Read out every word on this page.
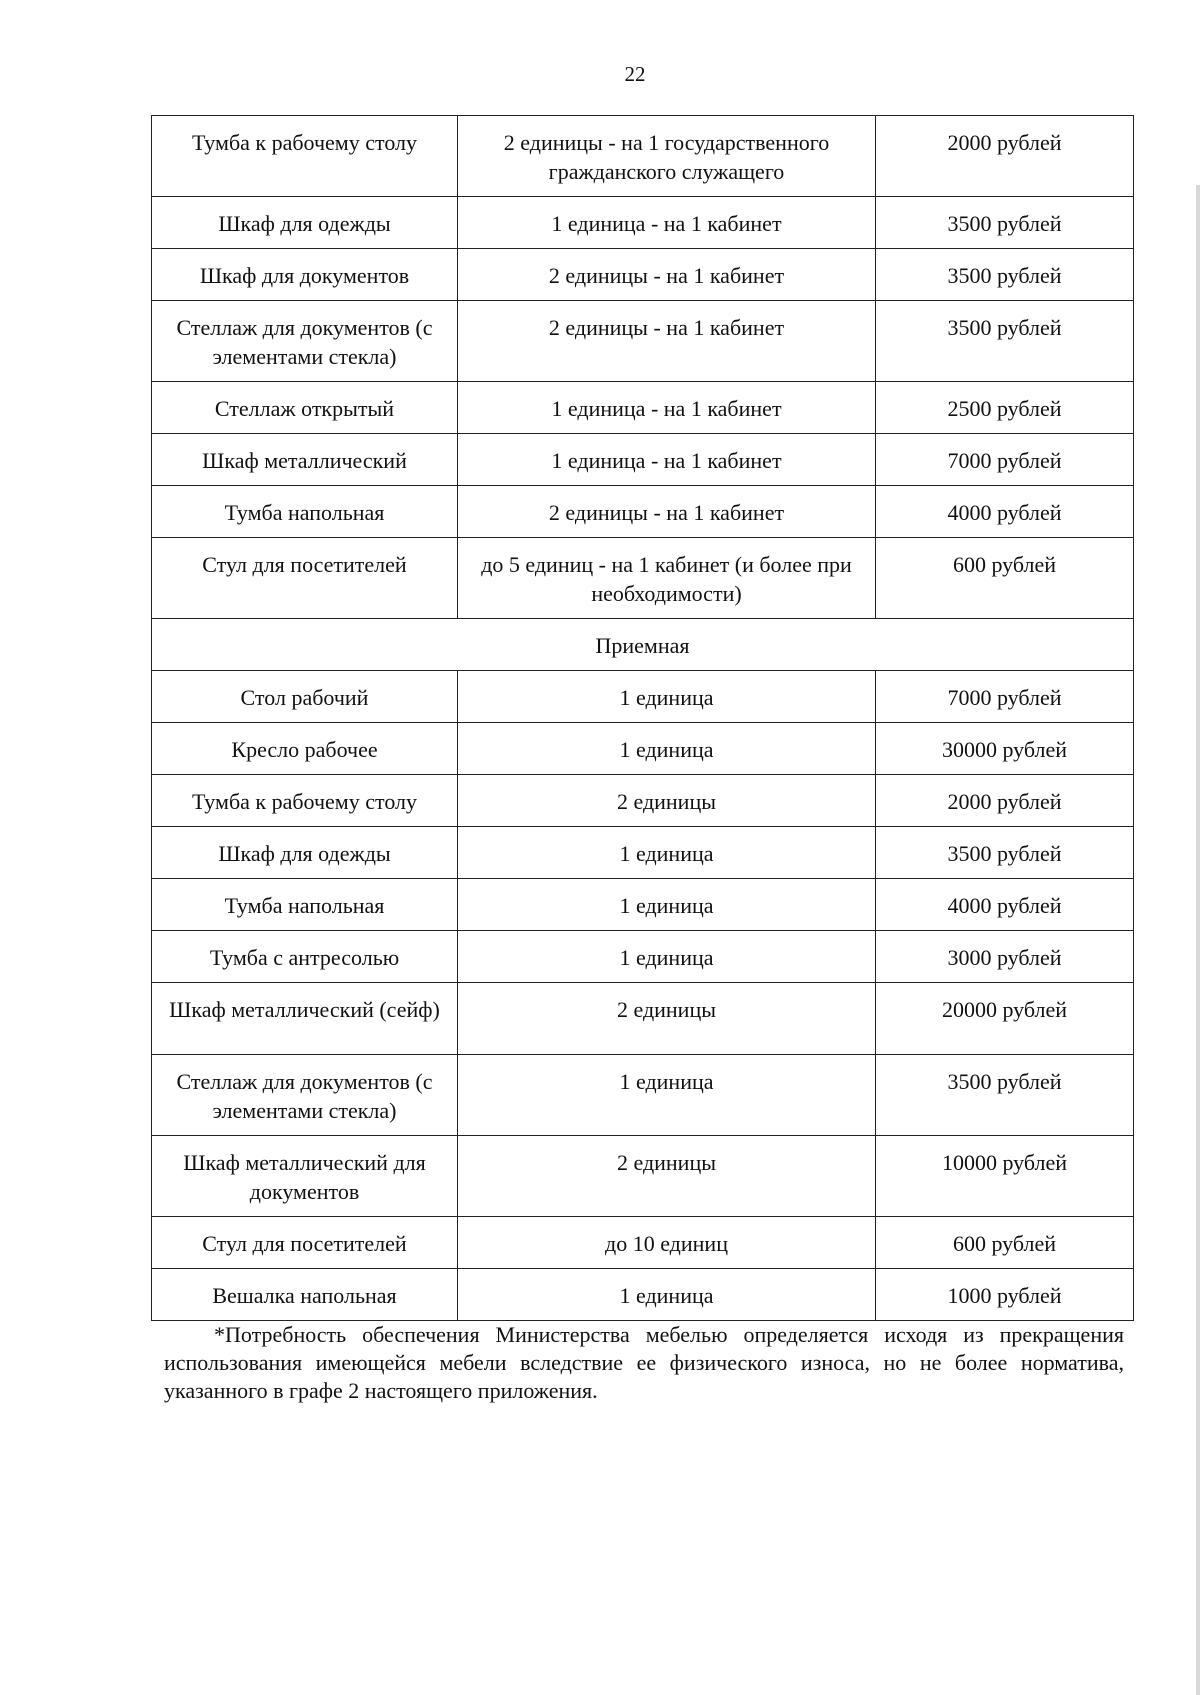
22
Тумба к рабочему столу	2 единицы - на 1 государственного гражданского служащего	2000 рублей
Шкаф для одежды	1 единица - на 1 кабинет	3500 рублей
Шкаф для документов	2 единицы - на 1 кабинет	3500 рублей
Стеллаж для документов (с элементами стекла)	2 единицы - на 1 кабинет	3500 рублей
Стеллаж открытый	1 единица - на 1 кабинет	2500 рублей
Шкаф металлический	1 единица - на 1 кабинет	7000 рублей
Тумба напольная	2 единицы - на 1 кабинет	4000 рублей
Стул для посетителей	до 5 единиц - на 1 кабинет (и более при необходимости)	600 рублей
Приемная		
Стол рабочий	1 единица	7000 рублей
Кресло рабочее	1 единица	30000 рублей
Тумба к рабочему столу	2 единицы	2000 рублей
Шкаф для одежды	1 единица	3500 рублей
Тумба напольная	1 единица	4000 рублей
Тумба с антресолью	1 единица	3000 рублей
Шкаф металлический (сейф)	2 единицы	20000 рублей
Стеллаж для документов (с элементами стекла)	1 единица	3500 рублей
Шкаф металлический для документов	2 единицы	10000 рублей
Стул для посетителей	до 10 единиц	600 рублей
Вешалка напольная	1 единица	1000 рублей
*Потребность обеспечения Министерства мебелью определяется исходя из прекращения использования имеющейся мебели вследствие ее физического износа, но не более норматива, указанного в графе 2 настоящего приложения.
